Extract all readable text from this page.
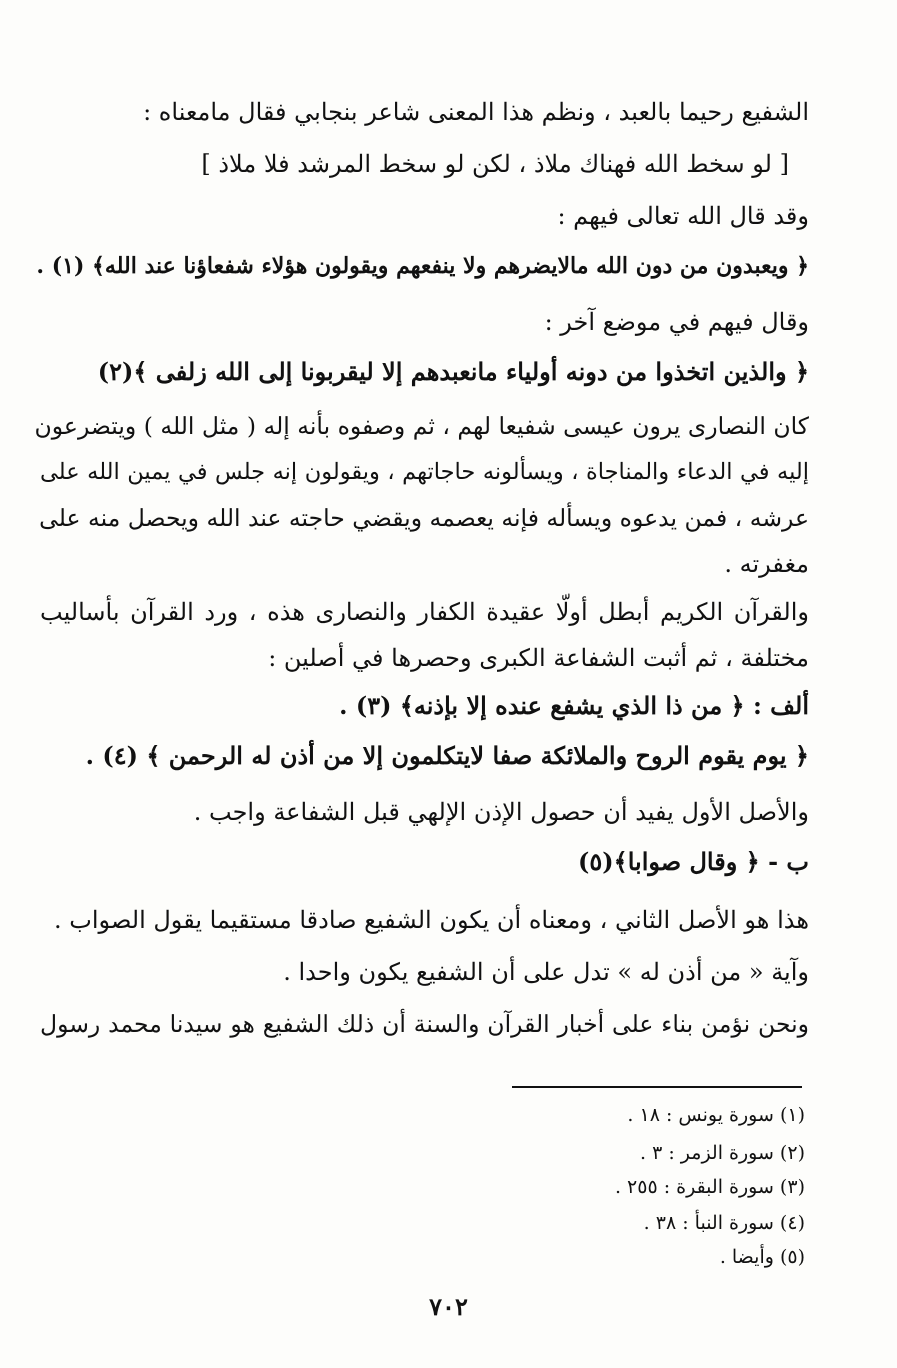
الشفيع رحيما بالعبد ، ونظم هذا المعنى شاعر بنجابي فقال مامعناه :
[ لو سخط الله فهناك ملاذ ، لكن لو سخط المرشد فلا ملاذ ]
وقد قال الله تعالى فيهم :
﴿ ويعبدون من دون الله مالايضرهم ولا ينفعهم ويقولون هؤلاء شفعاؤنا عند الله﴾ (١) .
وقال فيهم في موضع آخر :
﴿ والذين اتخذوا من دونه أولياء مانعبدهم إلا ليقربونا إلى الله زلفى ﴾(٢)
كان النصارى يرون عيسى شفيعا لهم ، ثم وصفوه بأنه إله ( مثل الله ) ويتضرعون
إليه في الدعاء والمناجاة ، ويسألونه حاجاتهم ، ويقولون إنه جلس في يمين الله على
عرشه ، فمن يدعوه ويسأله فإنه يعصمه ويقضي حاجته عند الله ويحصل منه على
مغفرته .
والقرآن الكريم أبطل أولّا عقيدة الكفار والنصارى هذه ، ورد القرآن بأساليب
مختلفة ، ثم أثبت الشفاعة الكبرى وحصرها في أصلين :
ألف : ﴿ من ذا الذي يشفع عنده إلا بإذنه﴾ (٣) .
﴿ يوم يقوم الروح والملائكة صفا لايتكلمون إلا من أذن له الرحمن ﴾ (٤) .
والأصل الأول يفيد أن حصول الإذن الإلهي قبل الشفاعة واجب .
ب - ﴿ وقال صوابا﴾(٥)
هذا هو الأصل الثاني ، ومعناه أن يكون الشفيع صادقا مستقيما يقول الصواب .
وآية « من أذن له » تدل على أن الشفيع يكون واحدا .
ونحن نؤمن بناء على أخبار القرآن والسنة أن ذلك الشفيع هو سيدنا محمد رسول
(١) سورة يونس : ١٨ .
(٢) سورة الزمر : ٣ .
(٣) سورة البقرة : ٢٥٥ .
(٤) سورة النبأ : ٣٨ .
(٥) وأيضا .
٧٠٢
